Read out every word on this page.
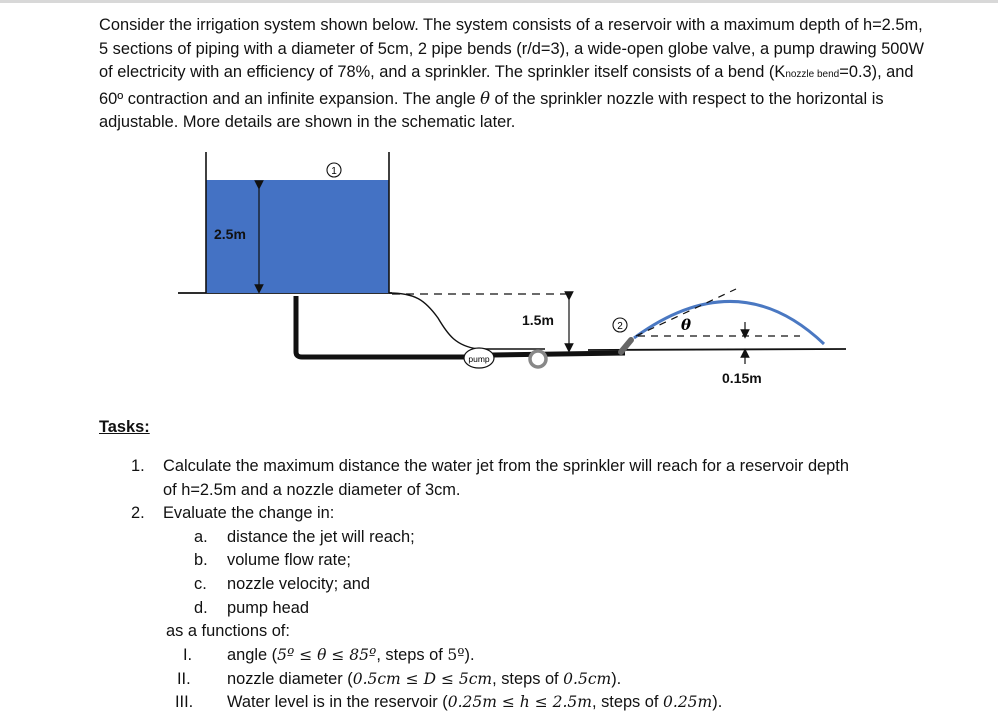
Consider the irrigation system shown below. The system consists of a reservoir with a maximum depth of h=2.5m, 5 sections of piping with a diameter of 5cm, 2 pipe bends (r/d=3), a wide-open globe valve, a pump drawing 500W of electricity with an efficiency of 78%, and a sprinkler. The sprinkler itself consists of a bend (Knozzle bend=0.3), and 60º contraction and an infinite expansion. The angle θ of the sprinkler nozzle with respect to the horizontal is adjustable. More details are shown in the schematic later.

1
2.5m
pump
1.5m	2	θ
0.15m
Tasks:
1. Calculate the maximum distance the water jet from the sprinkler will reach for a reservoir depth
of h=2.5m and a nozzle diameter of 3cm.
2. Evaluate the change in:
a. distance the jet will reach;
b. volume flow rate;
c. nozzle velocity; and
d. pump head
as a functions of:
I. angle (5º ≤ θ ≤ 85º, steps of 5º).
II. nozzle diameter (0.5cm ≤ D ≤ 5cm, steps of 0.5cm).
III. Water level is in the reservoir (0.25m ≤ h ≤ 2.5m, steps of 0.25m).
